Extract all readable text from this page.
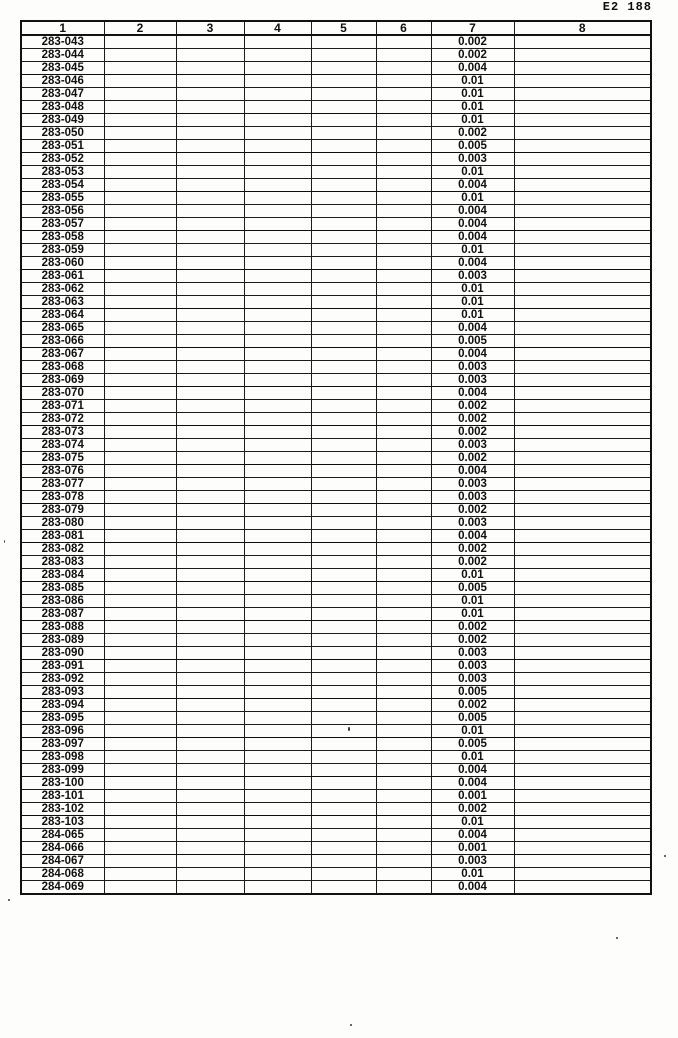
E2 188
1	2	3	4	5	6	7	8
283-043						0.002	
283-044						0.002	
283-045						0.004	
283-046						0.01	
283-047						0.01	
283-048						0.01	
283-049						0.01	
283-050						0.002	
283-051						0.005	
283-052						0.003	
283-053						0.01	
283-054						0.004	
283-055						0.01	
283-056						0.004	
283-057						0.004	
283-058						0.004	
283-059						0.01	
283-060						0.004	
283-061						0.003	
283-062						0.01	
283-063						0.01	
283-064						0.01	
283-065						0.004	
283-066						0.005	
283-067						0.004	
283-068						0.003	
283-069						0.003	
283-070						0.004	
283-071						0.002	
283-072						0.002	
283-073						0.002	
283-074						0.003	
283-075						0.002	
283-076						0.004	
283-077						0.003	
283-078						0.003	
283-079						0.002	
283-080						0.003	
283-081						0.004	
283-082						0.002	
283-083						0.002	
283-084						0.01	
283-085						0.005	
283-086						0.01	
283-087						0.01	
283-088						0.002	
283-089						0.002	
283-090						0.003	
283-091						0.003	
283-092						0.003	
283-093						0.005	
283-094						0.002	
283-095						0.005	
283-096						0.01	
283-097						0.005	
283-098						0.01	
283-099						0.004	
283-100						0.004	
283-101						0.001	
283-102						0.002	
283-103						0.01	
284-065						0.004	
284-066						0.001	
284-067						0.003	
284-068						0.01	
284-069						0.004	
